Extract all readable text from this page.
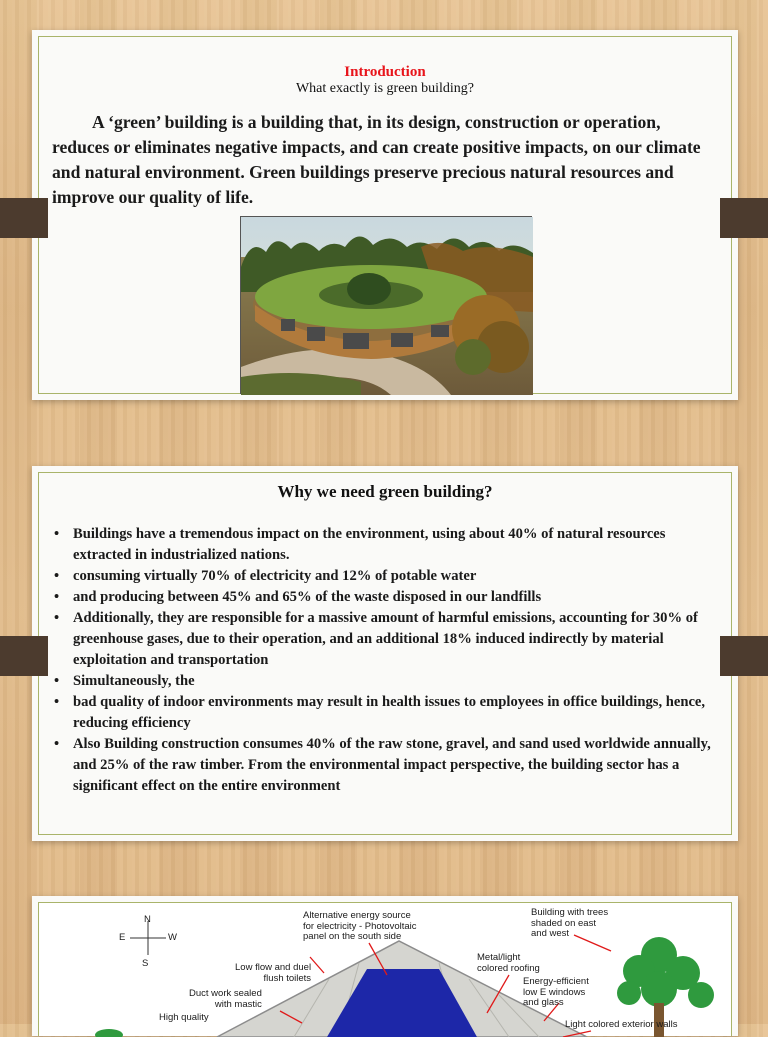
Introduction
What exactly is green building?

A ‘green’ building is a building that, in its design, construction or operation, reduces or eliminates negative impacts, and can create positive impacts, on our climate and natural environment. Green buildings preserve precious natural resources and improve our quality of life.

Why we need green building?
• Buildings have a tremendous impact on the environment, using about 40% of natural resources extracted in industrialized nations.
• consuming virtually 70% of electricity and 12% of potable water
• and producing between 45% and 65% of the waste disposed in our landfills
• Additionally, they are responsible for a massive amount of harmful emissions, accounting for 30% of greenhouse gases, due to their operation, and an additional 18% induced indirectly by material exploitation and transportation
• Simultaneously, the
• bad quality of indoor environments may result in health issues to employees in office buildings, hence, reducing efficiency
• Also Building construction consumes 40% of the raw stone, gravel, and sand used worldwide annually, and 25% of the raw timber. From the environmental impact perspective, the building sector has a significant effect on the entire environment
N
E	W
S
Alternative energy source
for electricity - Photovoltaic
panel on the south side
Building with trees
shaded on east
and west
Low flow and duel
flush toilets
Metal/light
colored roofing
Duct work sealed
with mastic
Energy-efficient
low E windows
and glass
High quality
Light colored exterior walls
